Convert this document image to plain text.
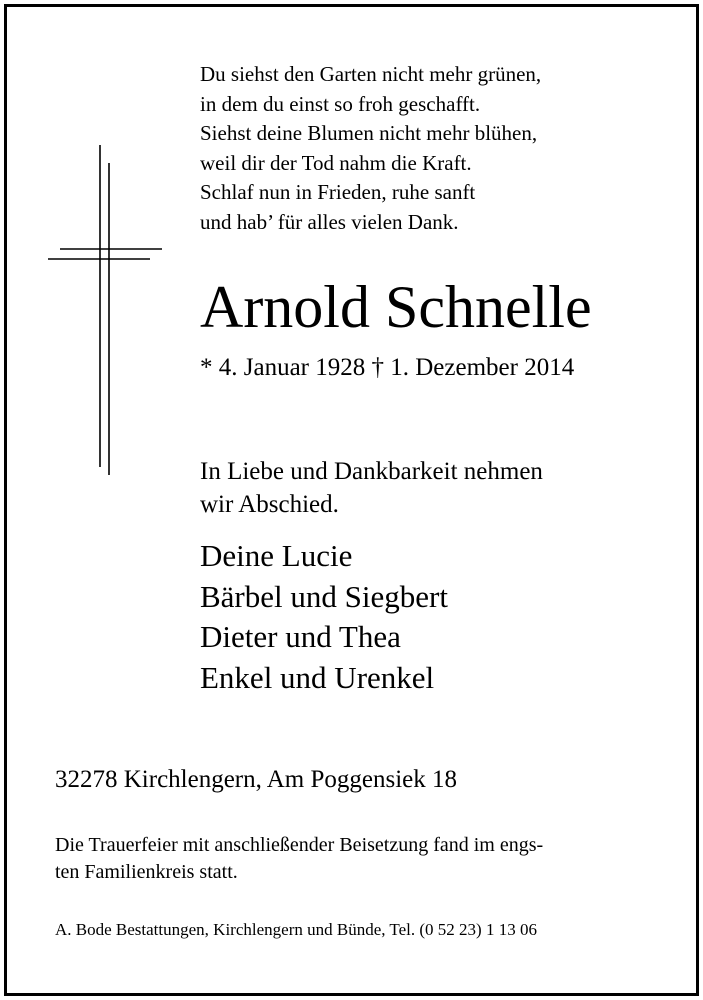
Du siehst den Garten nicht mehr grünen,
in dem du einst so froh geschafft.
Siehst deine Blumen nicht mehr blühen,
weil dir der Tod nahm die Kraft.
Schlaf nun in Frieden, ruhe sanft
und hab’ für alles vielen Dank.
Arnold Schnelle
* 4. Januar 1928 † 1. Dezember 2014
In Liebe und Dankbarkeit nehmen
wir Abschied.
Deine Lucie
Bärbel und Siegbert
Dieter und Thea
Enkel und Urenkel
32278 Kirchlengern, Am Poggensiek 18
Die Trauerfeier mit anschließender Beisetzung fand im engs-
ten Familienkreis statt.
A. Bode Bestattungen, Kirchlengern und Bünde, Tel. (0 52 23) 1 13 06
